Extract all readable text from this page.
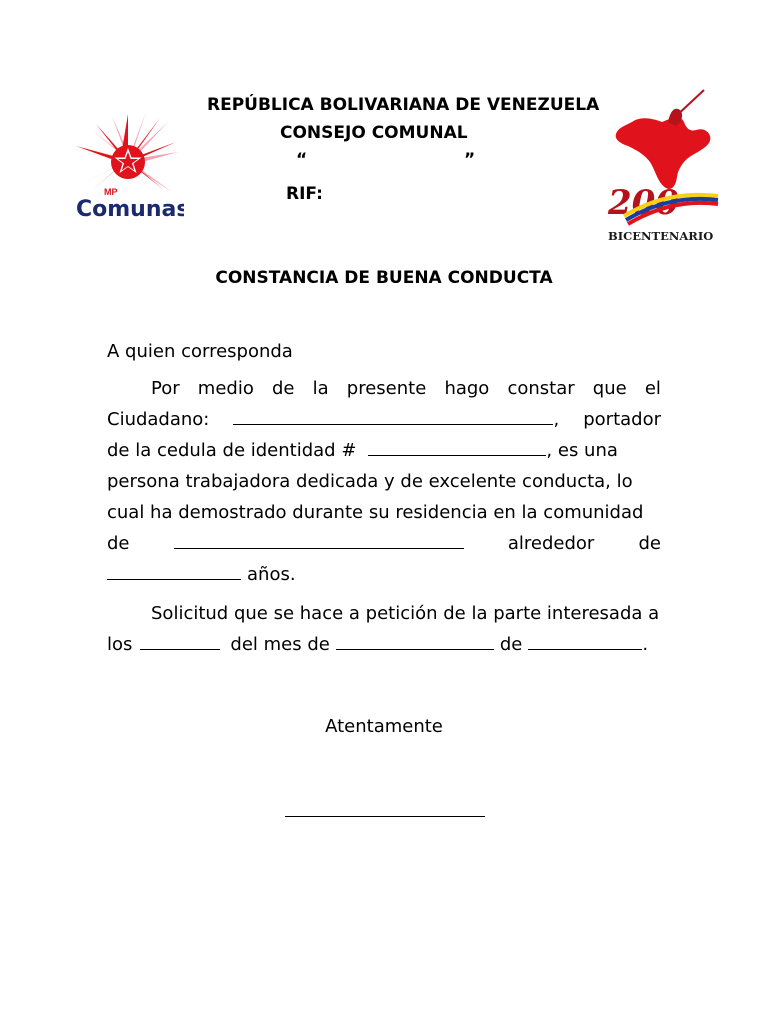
REPÚBLICA BOLIVARIANA DE VENEZUELA
CONSEJO COMUNAL
“	”
RIF:
MP
Comunas	200
BICENTENARIO
CONSTANCIA DE BUENA CONDUCTA
A quien corresponda
Por medio de la presente hago constar que el
Ciudadano:	, portador
de la cedula de identidad #	, es una
persona trabajadora dedicada y de excelente conducta, lo
cual ha demostrado durante su residencia en la comunidad
de	alrededor de
años.
Solicitud que se hace a petición de la parte interesada a
los	del mes de	de	.
Atentamente
